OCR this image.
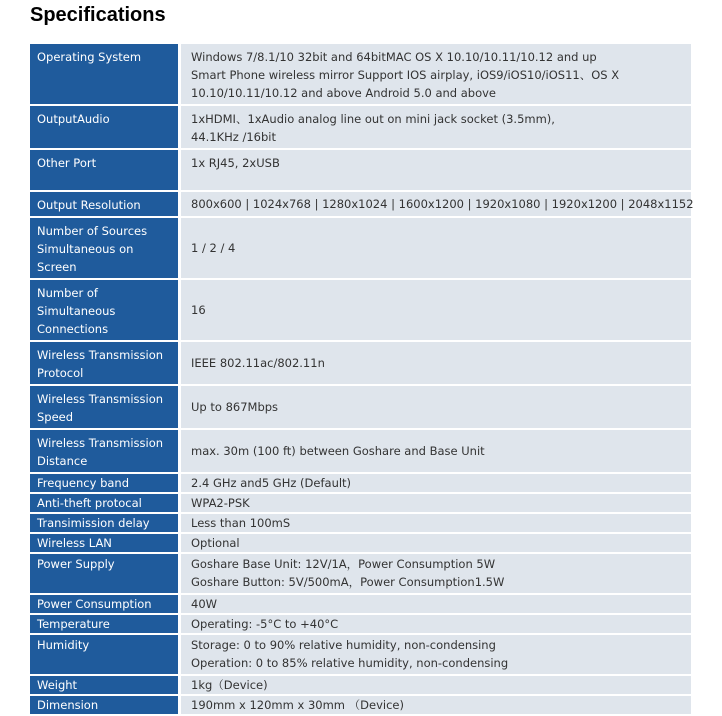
Specifications
Operating System	Windows 7/8.1/10 32bit and 64bitMAC OS X 10.10/10.11/10.12 and up
Smart Phone wireless mirror Support IOS airplay, iOS9/iOS10/iOS11、OS X
10.10/10.11/10.12 and above Android 5.0 and above

OutputAudio	1xHDMI、1xAudio analog line out on mini jack socket (3.5mm),
44.1KHz /16bit

Other Port	1x RJ45, 2xUSB

Output Resolution	800x600 | 1024x768 | 1280x1024 | 1600x1200 | 1920x1080 | 1920x1200 | 2048x1152

Number of Sources Simultaneous on Screen	1 / 2 / 4

Number of Simultaneous Connections	16

Wireless Transmission Protocol	IEEE 802.11ac/802.11n

Wireless Transmission Speed	Up to 867Mbps

Wireless Transmission Distance	max. 30m (100 ft) between Goshare and Base Unit

Frequency band	2.4 GHz and5 GHz (Default)

Anti-theft protocal	WPA2-PSK

Transimission delay	Less than 100mS

Wireless LAN	Optional

Power Supply	Goshare Base Unit: 12V/1A，Power Consumption 5W
Goshare Button: 5V/500mA，Power Consumption1.5W

Power Consumption	40W

Temperature	Operating: -5°C to +40°C

Humidity	Storage: 0 to 90% relative humidity, non-condensing
Operation: 0 to 85% relative humidity, non-condensing

Weight	1kg（Device)

Dimension	190mm x 120mm x 30mm （Device)
